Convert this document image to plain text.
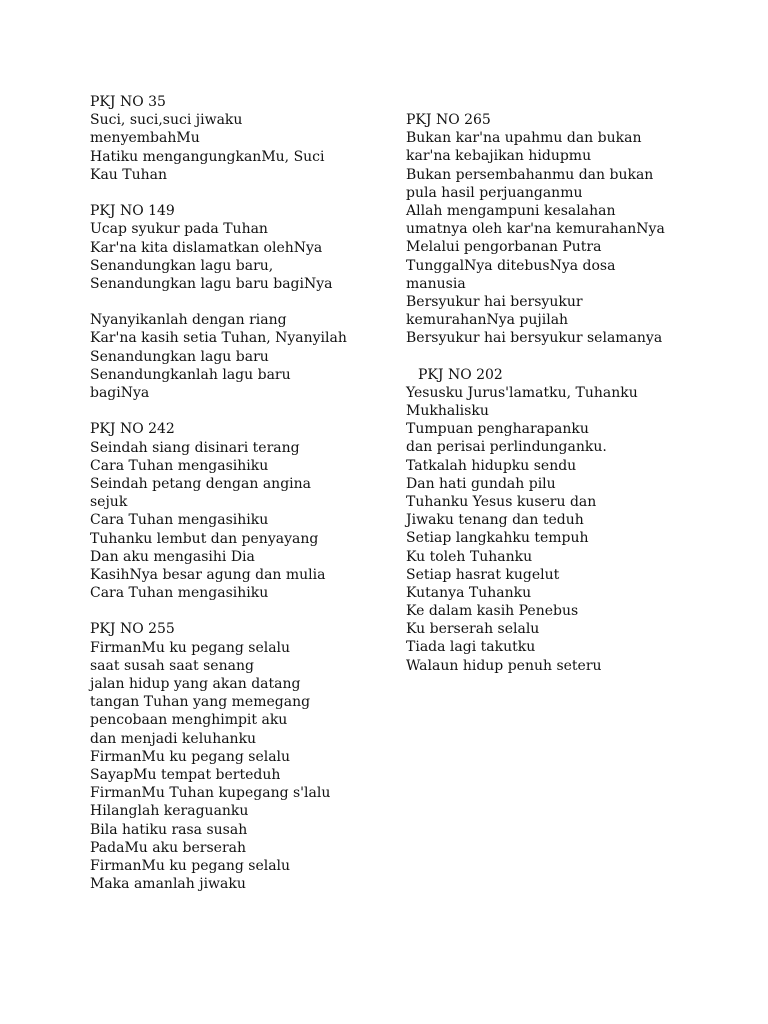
PKJ NO 35
Suci, suci,suci jiwaku
menyembahMu
Hatiku mengangungkanMu, Suci
Kau Tuhan
PKJ NO 149
Ucap syukur pada Tuhan
Kar'na kita dislamatkan olehNya
Senandungkan lagu baru,
Senandungkan lagu baru bagiNya
Nyanyikanlah dengan riang
Kar'na kasih setia Tuhan, Nyanyilah
Senandungkan lagu baru
Senandungkanlah lagu baru
bagiNya
PKJ NO 242
Seindah siang disinari terang
Cara Tuhan mengasihiku
Seindah petang dengan angina
sejuk
Cara Tuhan mengasihiku
Tuhanku lembut dan penyayang
Dan aku mengasihi Dia
KasihNya besar agung dan mulia
Cara Tuhan mengasihiku
PKJ NO 255
FirmanMu ku pegang selalu
saat susah saat senang
jalan hidup yang akan datang
tangan Tuhan yang memegang
pencobaan menghimpit aku
dan menjadi keluhanku
FirmanMu ku pegang selalu
SayapMu tempat berteduh
FirmanMu Tuhan kupegang s'lalu
Hilanglah keraguanku
Bila hatiku rasa susah
PadaMu aku berserah
FirmanMu ku pegang selalu
Maka amanlah jiwaku
PKJ NO 265
Bukan kar'na upahmu dan bukan
kar'na kebajikan hidupmu
Bukan persembahanmu dan bukan
pula hasil perjuanganmu
Allah mengampuni kesalahan
umatnya oleh kar'na kemurahanNya
Melalui pengorbanan Putra
TunggalNya ditebusNya dosa
manusia
Bersyukur hai bersyukur
kemurahanNya pujilah
Bersyukur hai bersyukur selamanya
PKJ NO 202
Yesusku Jurus'lamatku, Tuhanku
Mukhalisku
Tumpuan pengharapanku
dan perisai perlindunganku.
Tatkalah hidupku sendu
Dan hati gundah pilu
Tuhanku Yesus kuseru dan
Jiwaku tenang dan teduh
Setiap langkahku tempuh
Ku toleh Tuhanku
Setiap hasrat kugelut
Kutanya Tuhanku
Ke dalam kasih Penebus
Ku berserah selalu
Tiada lagi takutku
Walaun hidup penuh seteru
